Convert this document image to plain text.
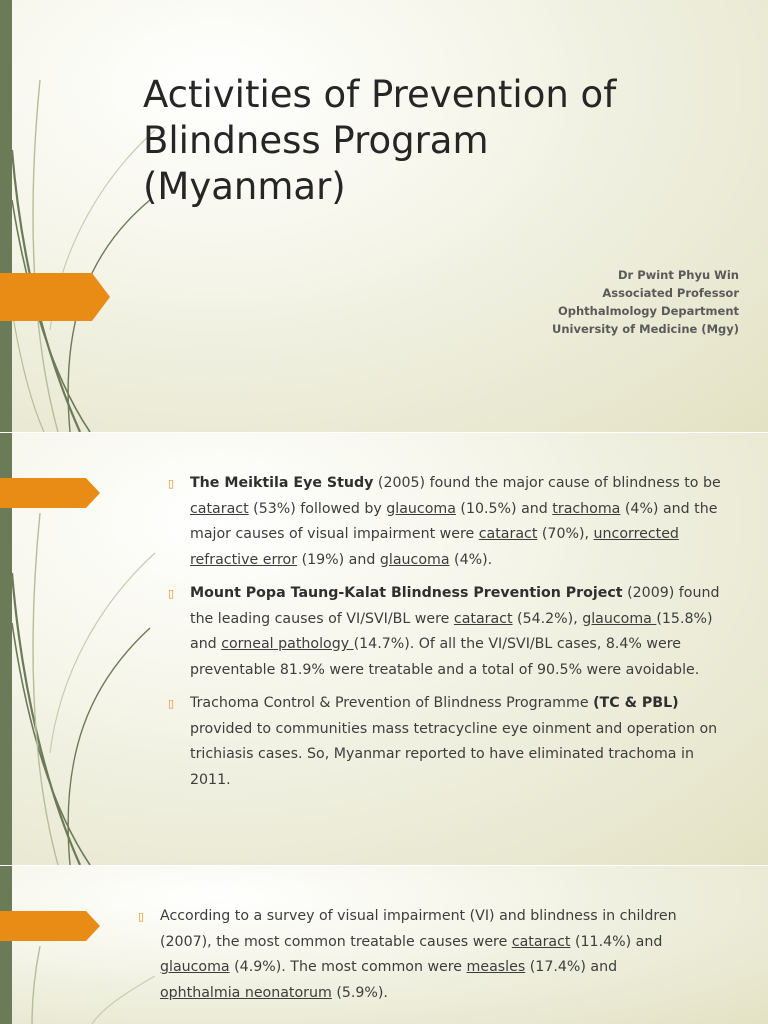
Activities of Prevention of
Blindness Program
(Myanmar)
Dr Pwint Phyu Win
Associated Professor
Ophthalmology Department
University of Medicine (Mgy)
▯ The Meiktila Eye Study (2005) found the major cause of blindness to be cataract (53%) followed by glaucoma (10.5%) and trachoma (4%) and the major causes of visual impairment were cataract (70%), uncorrected refractive error (19%) and glaucoma (4%).
▯ Mount Popa Taung-Kalat Blindness Prevention Project (2009) found the leading causes of VI/SVI/BL were cataract (54.2%), glaucoma (15.8%) and corneal pathology (14.7%). Of all the VI/SVI/BL cases, 8.4% were preventable 81.9% were treatable and a total of 90.5% were avoidable.
▯ Trachoma Control & Prevention of Blindness Programme (TC & PBL) provided to communities mass tetracycline eye oinment and operation on trichiasis cases. So, Myanmar reported to have eliminated trachoma in 2011.
▯ According to a survey of visual impairment (VI) and blindness in children (2007), the most common treatable causes were cataract (11.4%) and glaucoma (4.9%). The most common were measles (17.4%) and ophthalmia neonatorum (5.9%).
